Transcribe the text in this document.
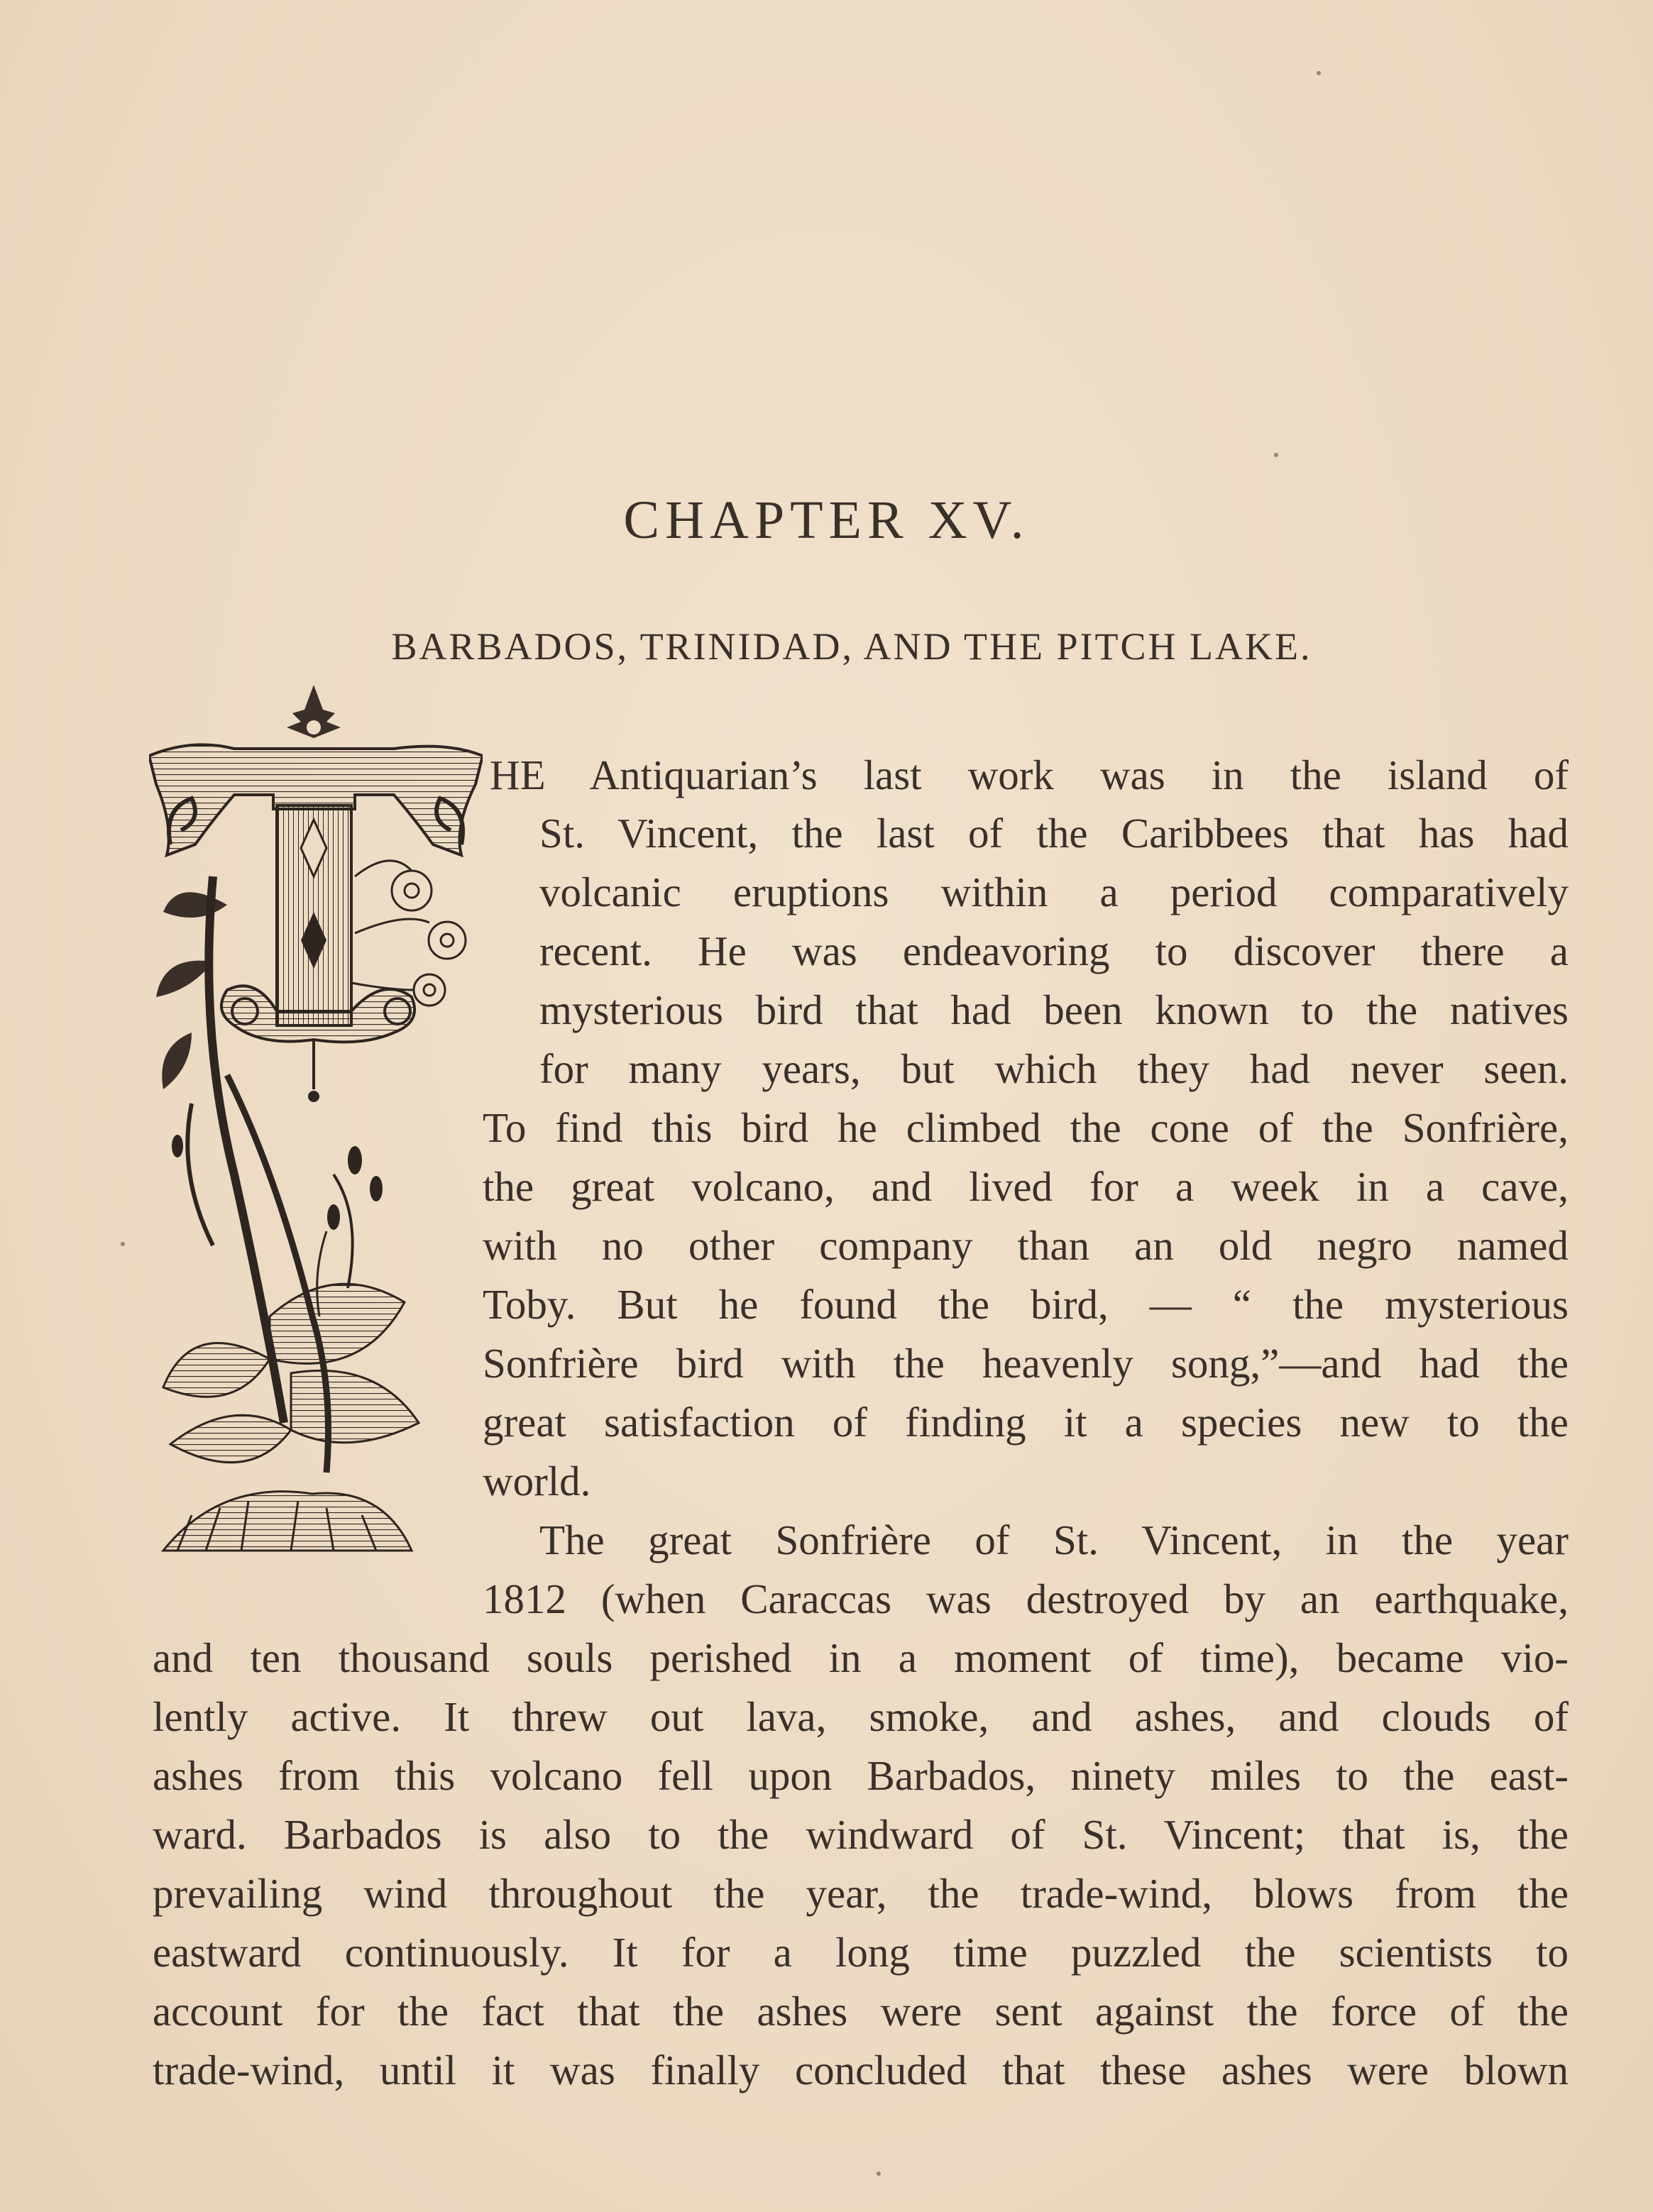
CHAPTER XV.
BARBADOS, TRINIDAD, AND THE PITCH LAKE.
HE Antiquarian’s last work was in the island of
St. Vincent, the last of the Caribbees that has had
volcanic eruptions within a period comparatively
recent. He was endeavoring to discover there a
mysterious bird that had been known to the natives
for many years, but which they had never seen.
To find this bird he climbed the cone of the Sonfrière,
the great volcano, and lived for a week in a cave,
with no other company than an old negro named
Toby. But he found the bird, — “ the mysterious
Sonfrière bird with the heavenly song,”—and had the
great satisfaction of finding it a species new to the
world.
The great Sonfrière of St. Vincent, in the year
1812 (when Caraccas was destroyed by an earthquake,
and ten thousand souls perished in a moment of time), became vio-
lently active. It threw out lava, smoke, and ashes, and clouds of
ashes from this volcano fell upon Barbados, ninety miles to the east-
ward. Barbados is also to the windward of St. Vincent; that is, the
prevailing wind throughout the year, the trade-wind, blows from the
eastward continuously. It for a long time puzzled the scientists to
account for the fact that the ashes were sent against the force of the
trade-wind, until it was finally concluded that these ashes were blown
